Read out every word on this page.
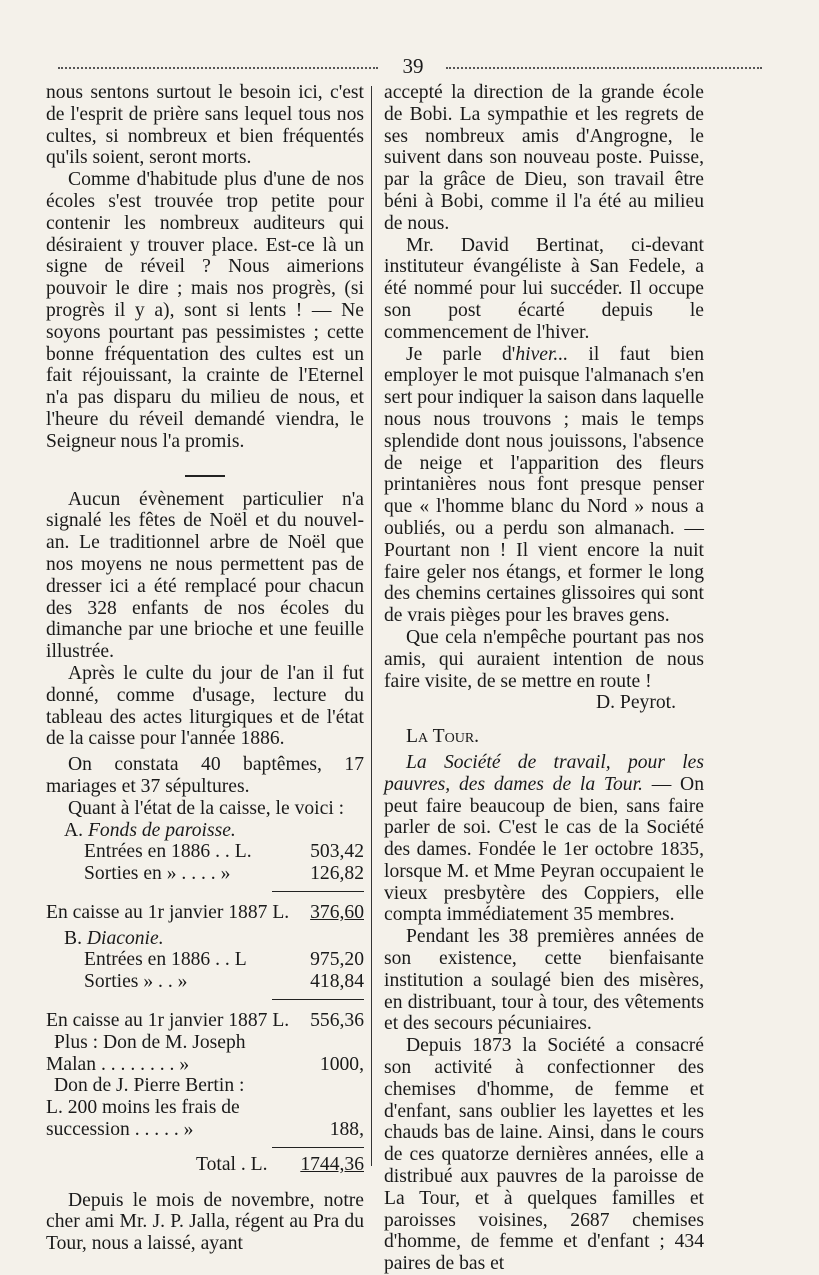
39

nous sentons surtout le besoin ici, c'est de l'esprit de prière sans lequel tous nos cultes, si nombreux et bien fréquentés qu'ils soient, seront morts.

Comme d'habitude plus d'une de nos écoles s'est trouvée trop petite pour contenir les nombreux auditeurs qui désiraient y trouver place. Est-ce là un signe de réveil ? Nous aimerions pouvoir le dire ; mais nos progrès, (si progrès il y a), sont si lents ! — Ne soyons pourtant pas pessimistes ; cette bonne fréquentation des cultes est un fait réjouissant, la crainte de l'Eternel n'a pas disparu du milieu de nous, et l'heure du réveil demandé viendra, le Seigneur nous l'a promis.

Aucun évènement particulier n'a signalé les fêtes de Noël et du nouvel-an. Le traditionnel arbre de Noël que nos moyens ne nous permettent pas de dresser ici a été remplacé pour chacun des 328 enfants de nos écoles du dimanche par une brioche et une feuille illustrée.

Après le culte du jour de l'an il fut donné, comme d'usage, lecture du tableau des actes liturgiques et de l'état de la caisse pour l'année 1886.

On constata 40 baptêmes, 17 mariages et 37 sépultures.

Quant à l'état de la caisse, le voici :

A. Fonds de paroisse.
Entrées en 1886 . . L.	503,42
Sorties en » . . . . »	126,82
En caisse au 1r janvier 1887 L.	376,60
B. Diaconie.
Entrées en 1886 . . L	975,20
Sorties » . . »	418,84
En caisse au 1r janvier 1887 L.	556,36
Plus : Don de M. Joseph
Malan . . . . . . . . »	1000,
Don de J. Pierre Bertin :
L. 200 moins les frais de
succession . . . . . »	188,
Total . L.	1744,36

Depuis le mois de novembre, notre cher ami Mr. J. P. Jalla, régent au Pra du Tour, nous a laissé, ayant

accepté la direction de la grande école de Bobi. La sympathie et les regrets de ses nombreux amis d'Angrogne, le suivent dans son nouveau poste. Puisse, par la grâce de Dieu, son travail être béni à Bobi, comme il l'a été au milieu de nous.

Mr. David Bertinat, ci-devant instituteur évangéliste à San Fedele, a été nommé pour lui succéder. Il occupe son post écarté depuis le commencement de l'hiver.

Je parle d'hiver... il faut bien employer le mot puisque l'almanach s'en sert pour indiquer la saison dans laquelle nous nous trouvons ; mais le temps splendide dont nous jouissons, l'absence de neige et l'apparition des fleurs printanières nous font presque penser que « l'homme blanc du Nord » nous a oubliés, ou a perdu son almanach. — Pourtant non ! Il vient encore la nuit faire geler nos étangs, et former le long des chemins certaines glissoires qui sont de vrais pièges pour les braves gens.

Que cela n'empêche pourtant pas nos amis, qui auraient intention de nous faire visite, de se mettre en route !

D. Peyrot.

La Tour.

La Société de travail, pour les pauvres, des dames de la Tour. — On peut faire beaucoup de bien, sans faire parler de soi. C'est le cas de la Société des dames. Fondée le 1er octobre 1835, lorsque M. et Mme Peyran occupaient le vieux presbytère des Coppiers, elle compta immédiatement 35 membres.

Pendant les 38 premières années de son existence, cette bienfaisante institution a soulagé bien des misères, en distribuant, tour à tour, des vêtements et des secours pécuniaires.

Depuis 1873 la Société a consacré son activité à confectionner des chemises d'homme, de femme et d'enfant, sans oublier les layettes et les chauds bas de laine. Ainsi, dans le cours de ces quatorze dernières années, elle a distribué aux pauvres de la paroisse de La Tour, et à quelques familles et paroisses voisines, 2687 chemises d'homme, de femme et d'enfant ; 434 paires de bas et
